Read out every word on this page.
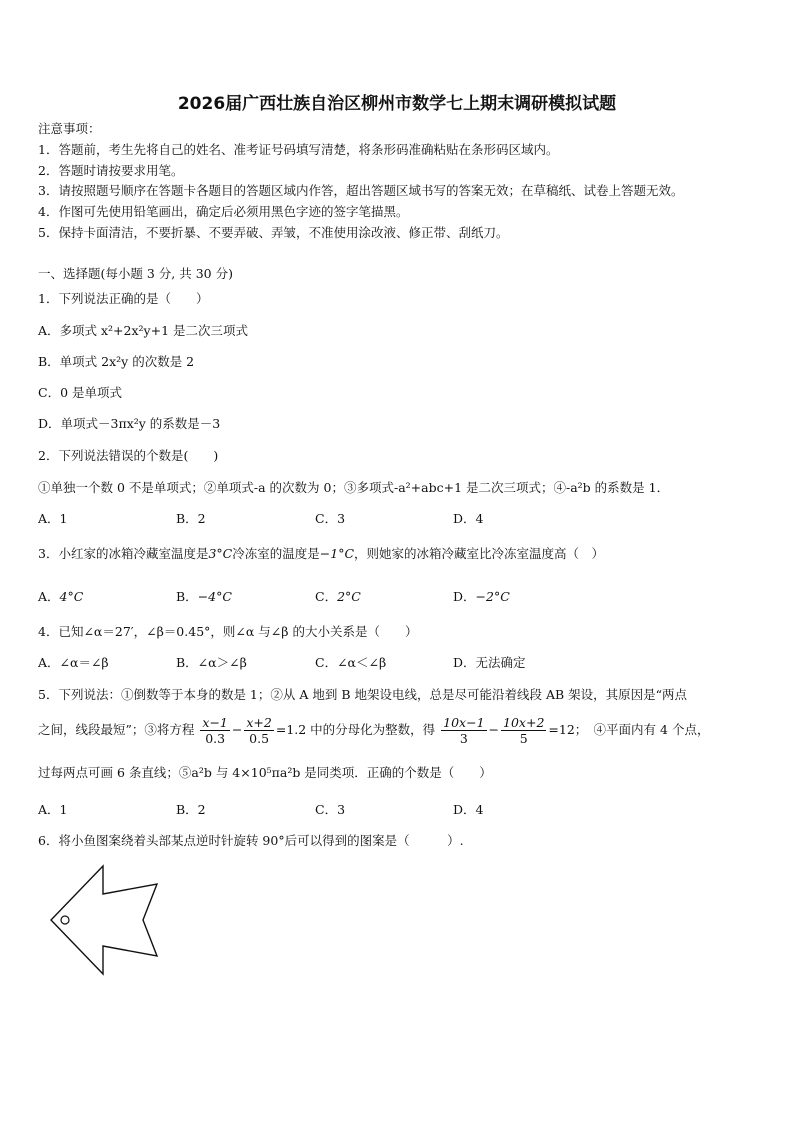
2026届广西壮族自治区柳州市数学七上期末调研模拟试题
注意事项：
1．答题前，考生先将自己的姓名、准考证号码填写清楚，将条形码准确粘贴在条形码区域内。
2．答题时请按要求用笔。
3．请按照题号顺序在答题卡各题目的答题区域内作答，超出答题区域书写的答案无效；在草稿纸、试卷上答题无效。
4．作图可先使用铅笔画出，确定后必须用黑色字迹的签字笔描黑。
5．保持卡面清洁，不要折暴、不要弄破、弄皱，不准使用涂改液、修正带、刮纸刀。
一、选择题(每小题 3 分, 共 30 分)
1．下列说法正确的是（　　）
A．多项式 x²+2x²y+1 是二次三项式
B．单项式 2x²y 的次数是 2
C．0 是单项式
D．单项式－3πx²y 的系数是－3
2．下列说法错误的个数是(　　)
①单独一个数 0 不是单项式；②单项式-a 的次数为 0；③多项式-a²+abc+1 是二次三项式；④-a²b 的系数是 1．
A．1	B．2	C．3	D．4
3．小红家的冰箱冷藏室温度是3°C冷冻室的温度是−1°C，则她家的冰箱冷藏室比冷冻室温度高（　）
A．4°C	B．−4°C	C．2°C	D．−2°C
4．已知∠α＝27′，∠β＝0.45°，则∠α 与∠β 的大小关系是（　　）
A．∠α＝∠β	B．∠α＞∠β	C．∠α＜∠β	D．无法确定
5．下列说法：①倒数等于本身的数是 1；②从 A 地到 B 地架设电线，总是尽可能沿着线段 AB 架设，其原因是“两点
之间，线段最短”；③将方程 $\frac{x-1}{0.3} - \frac{x+2}{0.5} =1.2$ 中的分母化为整数，得 $\frac{10x-1}{3} - \frac{10x+2}{5} =12$；　④平面内有 4 个点，
过每两点可画 6 条直线；⑤a²b 与 4×10⁵πa²b 是同类项．正确的个数是（　　）
A．1	B．2	C．3	D．4
6．将小鱼图案绕着头部某点逆时针旋转 90°后可以得到的图案是（　　　）.
